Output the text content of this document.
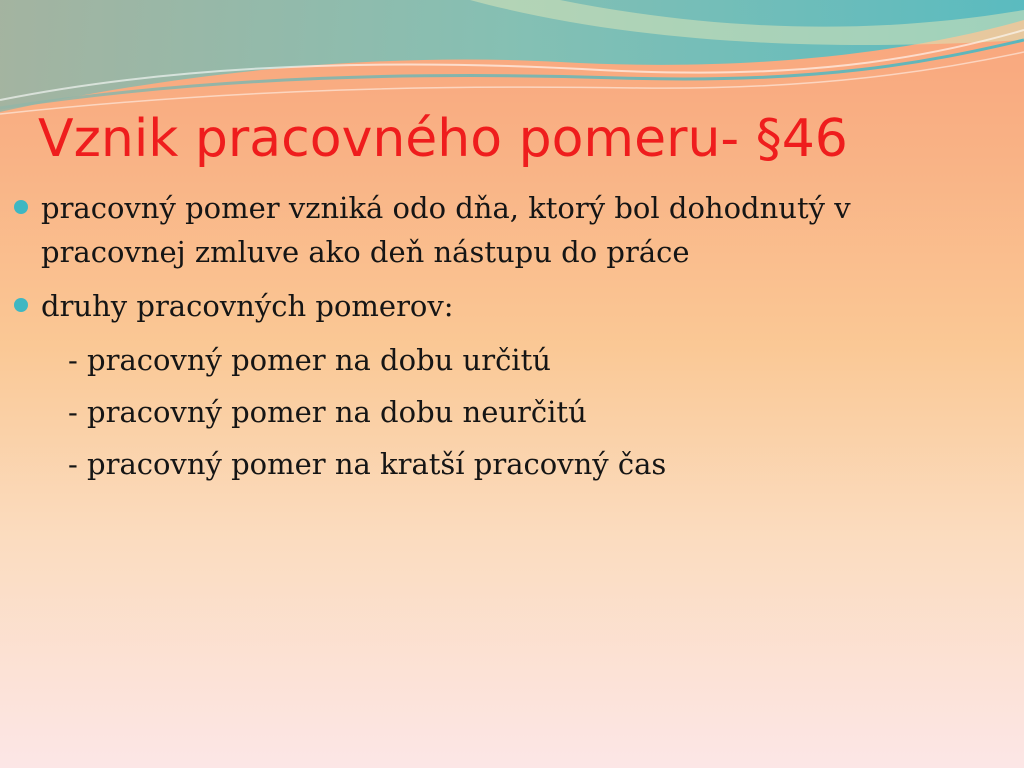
Vznik pracovného pomeru- §46
pracovný pomer vzniká odo dňa, ktorý bol dohodnutý v pracovnej zmluve ako deň nástupu do práce
druhy pracovných pomerov:
- pracovný pomer na dobu určitú
- pracovný pomer na dobu neurčitú
- pracovný pomer na kratší pracovný čas
